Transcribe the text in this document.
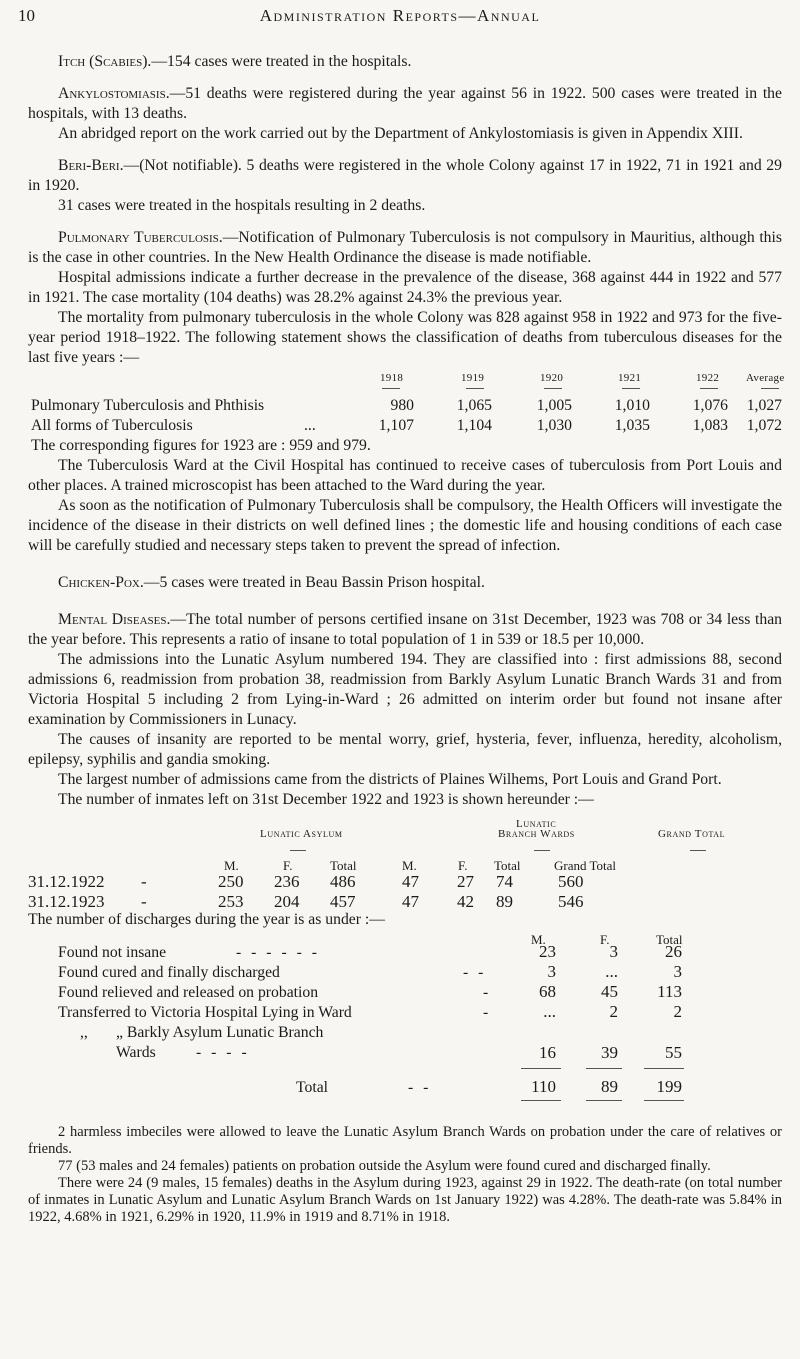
10	Administration Reports—Annual

Itch (Scabies).—154 cases were treated in the hospitals.

Ankylostomiasis.—51 deaths were registered during the year against 56 in 1922. 500 cases were treated in the hospitals, with 13 deaths.

An abridged report on the work carried out by the Department of Ankylostomiasis is given in Appendix XIII.

Beri-Beri.—(Not notifiable). 5 deaths were registered in the whole Colony against 17 in 1922, 71 in 1921 and 29 in 1920.

31 cases were treated in the hospitals resulting in 2 deaths.

Pulmonary Tuberculosis.—Notification of Pulmonary Tuberculosis is not compulsory in Mauritius, although this is the case in other countries. In the New Health Ordinance the disease is made notifiable.

Hospital admissions indicate a further decrease in the prevalence of the disease, 368 against 444 in 1922 and 577 in 1921. The case mortality (104 deaths) was 28.2% against 24.3% the previous year.

The mortality from pulmonary tuberculosis in the whole Colony was 828 against 958 in 1922 and 973 for the five-year period 1918–1922. The following statement shows the classification of deaths from tuberculous diseases for the last five years :—

1918	1919	1920	1921	1922 Average
Pulmonary Tuberculosis and Phthisis	980	1,065	1,005	1,010	1,076	1,027
All forms of Tuberculosis	...	1,107	1,104	1,030	1,035	1,083	1,072

The corresponding figures for 1923 are : 959 and 979.

The Tuberculosis Ward at the Civil Hospital has continued to receive cases of tuberculosis from Port Louis and other places. A trained microscopist has been attached to the Ward during the year.

As soon as the notification of Pulmonary Tuberculosis shall be compulsory, the Health Officers will investigate the incidence of the disease in their districts on well defined lines ; the domestic life and housing conditions of each case will be carefully studied and necessary steps taken to prevent the spread of infection.

Chicken-Pox.—5 cases were treated in Beau Bassin Prison hospital.

Mental Diseases.—The total number of persons certified insane on 31st December, 1923 was 708 or 34 less than the year before. This represents a ratio of insane to total population of 1 in 539 or 18.5 per 10,000.

The admissions into the Lunatic Asylum numbered 194. They are classified into : first admissions 88, second admissions 6, readmission from probation 38, readmission from Barkly Asylum Lunatic Branch Wards 31 and from Victoria Hospital 5 including 2 from Lying-in-Ward ; 26 admitted on interim order but found not insane after examination by Commissioners in Lunacy.

The causes of insanity are reported to be mental worry, grief, hysteria, fever, influenza, heredity, alcoholism, epilepsy, syphilis and gandia smoking.

The largest number of admissions came from the districts of Plaines Wilhems, Port Louis and Grand Port.

The number of inmates left on 31st December 1922 and 1923 is shown hereunder :—

Lunatic Asylum
Lunatic
Branch Wards	Grand Total
M.	F.	Total	M.	F. Total	Grand Total
31.12.1922 -	250 236 486	47 27 74	560
31.12.1923 -	253 204 457	47 42 89	546

The number of discharges during the year is as under :—

M.	F.	Total
Found not insane	- - - - - -	23	3	26
Found cured and finally discharged	- -	3	...	3
Found relieved and released on probation	-	68	45	113
Transferred to Victoria Hospital Lying in Ward	-	...	2	2
,, „ Barkly Asylum Lunatic Branch
Wards	- - - -	16	39	55
Total	- -	110	89	199

2 harmless imbeciles were allowed to leave the Lunatic Asylum Branch Wards on probation under the care of relatives or friends.

77 (53 males and 24 females) patients on probation outside the Asylum were found cured and discharged finally.

There were 24 (9 males, 15 females) deaths in the Asylum during 1923, against 29 in 1922. The death-rate (on total number of inmates in Lunatic Asylum and Lunatic Asylum Branch Wards on 1st January 1922) was 4.28%. The death-rate was 5.84% in 1922, 4.68% in 1921, 6.29% in 1920, 11.9% in 1919 and 8.71% in 1918.
